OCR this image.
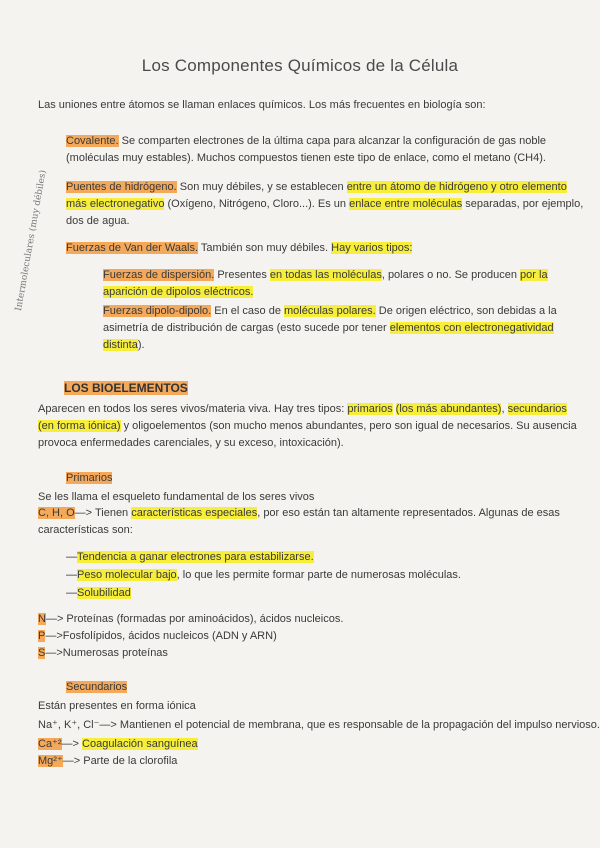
Los Componentes Químicos de la Célula
Las uniones entre átomos se llaman enlaces químicos. Los más frecuentes en biología son:
Covalente. Se comparten electrones de la última capa para alcanzar la configuración de gas noble
(moléculas muy estables). Muchos compuestos tienen este tipo de enlace, como el metano (CH4).
Puentes de hidrógeno. Son muy débiles, y se establecen entre un átomo de hidrógeno y otro elemento
más electronegativo (Oxígeno, Nitrógeno, Cloro...). Es un enlace entre moléculas separadas, por ejemplo,
dos de agua.
Fuerzas de Van der Waals. También son muy débiles. Hay varios tipos:
Fuerzas de dispersión. Presentes en todas las moléculas, polares o no. Se producen por la
aparición de dipolos eléctricos.
Fuerzas dipolo-dipolo. En el caso de moléculas polares. De origen eléctrico, son debidas a la
asimetría de distribución de cargas (esto sucede por tener elementos con electronegatividad
distinta).
Intermoleculares (muy débiles)
LOS BIOELEMENTOS
Aparecen en todos los seres vivos/materia viva. Hay tres tipos: primarios (los más abundantes), secundarios
(en forma iónica) y oligoelementos (son mucho menos abundantes, pero son igual de necesarios. Su ausencia
provoca enfermedades carenciales, y su exceso, intoxicación).
Primarios
Se les llama el esqueleto fundamental de los seres vivos
C, H, O—> Tienen características especiales, por eso están tan altamente representados. Algunas de esas
características son:
—Tendencia a ganar electrones para estabilizarse.
—Peso molecular bajo, lo que les permite formar parte de numerosas moléculas.
—Solubilidad
N—> Proteínas (formadas por aminoácidos), ácidos nucleicos.
P—>Fosfolípidos, ácidos nucleicos (ADN y ARN)
S—>Numerosas proteínas
Secundarios
Están presentes en forma iónica
Na⁺, K⁺, Cl⁻—> Mantienen el potencial de membrana, que es responsable de la propagación del impulso nervioso.
Ca⁺²—> Coagulación sanguínea
Mg²⁺—> Parte de la clorofila
